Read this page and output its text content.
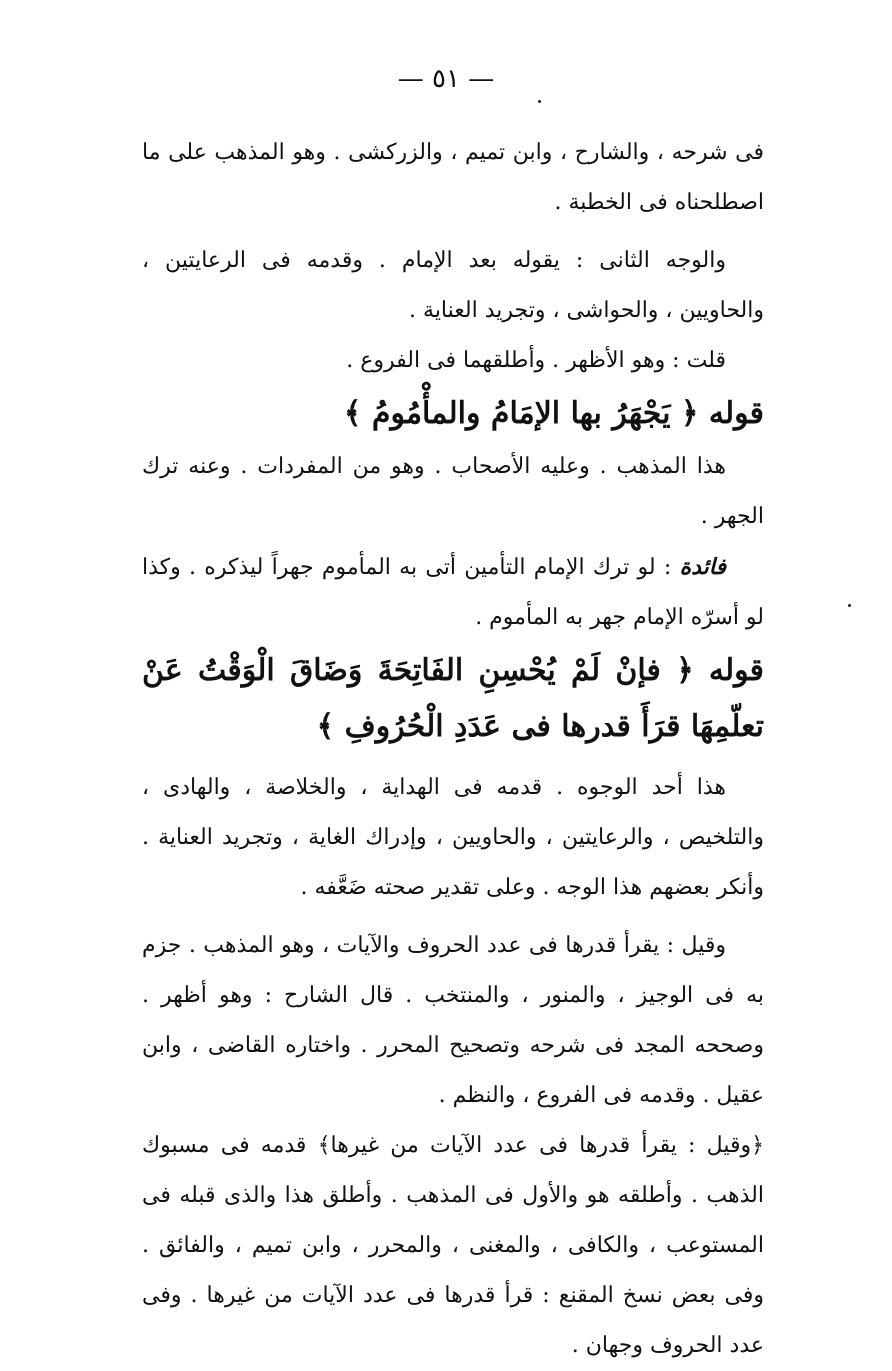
— ٥١ —

فى شرحه ، والشارح ، وابن تميم ، والزركشى . وهو المذهب على ما اصطلحناه فى الخطبة .

والوجه الثانى : يقوله بعد الإمام . وقدمه فى الرعايتين ، والحاويين ، والحواشى ، وتجريد العناية .

قلت : وهو الأظهر . وأطلقهما فى الفروع .

قوله ﴿ يَجْهَرُ بها الإمَامُ والمأْمُومُ ﴾

هذا المذهب . وعليه الأصحاب . وهو من المفردات . وعنه ترك الجهر .

فائدة : لو ترك الإمام التأمين أتى به المأموم جهراً ليذكره . وكذا لو أسرّه الإمام جهر به المأموم .

قوله ﴿ فإنْ لَمْ يُحْسِنِ الفَاتِحَةَ وَضَاقَ الْوَقْتُ عَنْ تعلّمِهَا قرَأَ قدرها فى عَدَدِ الْحُرُوفِ ﴾

هذا أحد الوجوه . قدمه فى الهداية ، والخلاصة ، والهادى ، والتلخيص ، والرعايتين ، والحاويين ، وإدراك الغاية ، وتجريد العناية . وأنكر بعضهم هذا الوجه . وعلى تقدير صحته ضَعَّفه .

وقيل : يقرأ قدرها فى عدد الحروف والآيات ، وهو المذهب . جزم به فى الوجيز ، والمنور ، والمنتخب . قال الشارح : وهو أظهر . وصححه المجد فى شرحه وتصحيح المحرر . واختاره القاضى ، وابن عقيل . وقدمه فى الفروع ، والنظم .

﴿وقيل : يقرأ قدرها فى عدد الآيات من غيرها﴾ قدمه فى مسبوك الذهب . وأطلقه هو والأول فى المذهب . وأطلق هذا والذى قبله فى المستوعب ، والكافى ، والمغنى ، والمحرر ، وابن تميم ، والفائق . وفى بعض نسخ المقنع : قرأ قدرها فى عدد الآيات من غيرها . وفى عدد الحروف وجهان .
